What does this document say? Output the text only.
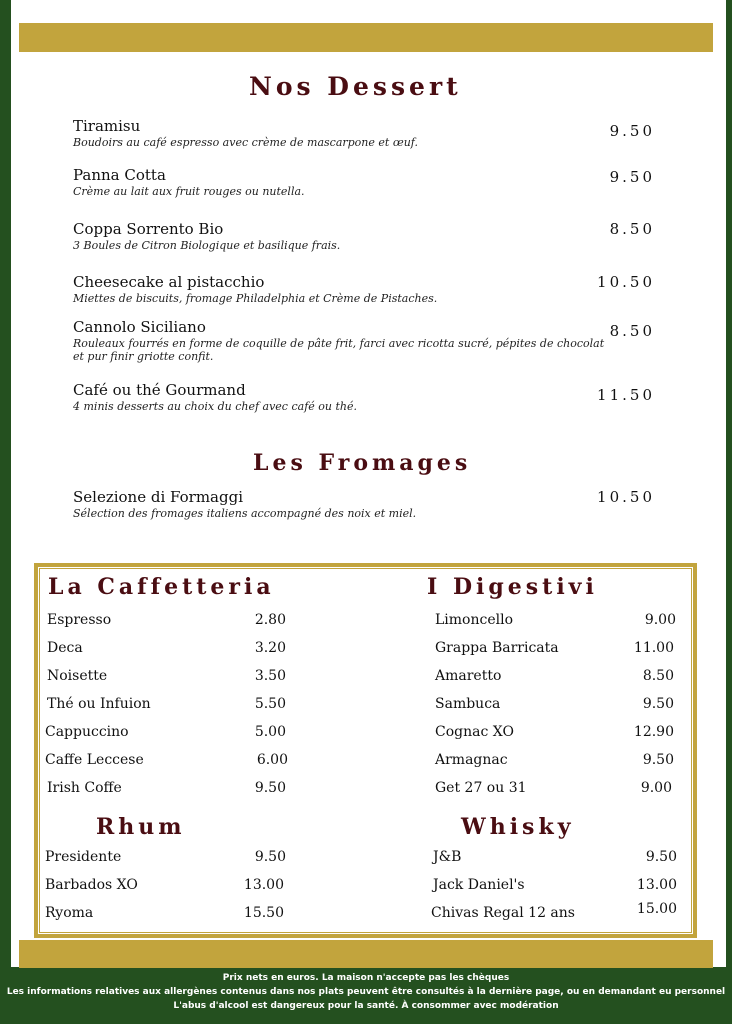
Nos Dessert
Tiramisu
Boudoirs au café espresso avec crème de mascarpone et œuf.
9.50
Panna Cotta
Crème au lait aux fruit rouges ou nutella.
9.50
Coppa Sorrento Bio
3 Boules de Citron Biologique et basilique frais.
8.50
Cheesecake al pistacchio
Miettes de biscuits, fromage Philadelphia et Crème de Pistaches.
10.50
Cannolo Siciliano
Rouleaux fourrés en forme de coquille de pâte frit, farci avec ricotta sucré, pépites de chocolat et pur finir griotte confit.
8.50
Café ou thé Gourmand
4 minis desserts au choix du chef avec café ou thé.
11.50
Les Fromages
Selezione di Formaggi
Sélection des fromages italiens accompagné des noix et miel.
10.50
La Caffetteria	I Digestivi
Espresso	2.80
Deca	3.20
Noisette	3.50
Thé ou Infuion	5.50
Cappuccino	5.00
Caffe Leccese	6.00
Irish Coffe	9.50
Limoncello	9.00
Grappa Barricata	11.00
Amaretto	8.50
Sambuca	9.50
Cognac XO	12.90
Armagnac	9.50
Get 27 ou 31	9.00
Rhum	Whisky
Presidente	9.50
Barbados XO	13.00
Ryoma	15.50
J&B	9.50
Jack Daniel's	13.00
Chivas Regal 12 ans	15.00
Prix nets en euros. La maison n'accepte pas les chèques
Les informations relatives aux allergènes contenus dans nos plats peuvent être consultés à la dernière page, ou en demandant eu personnel
L'abus d'alcool est dangereux pour la santé. À consommer avec modération
